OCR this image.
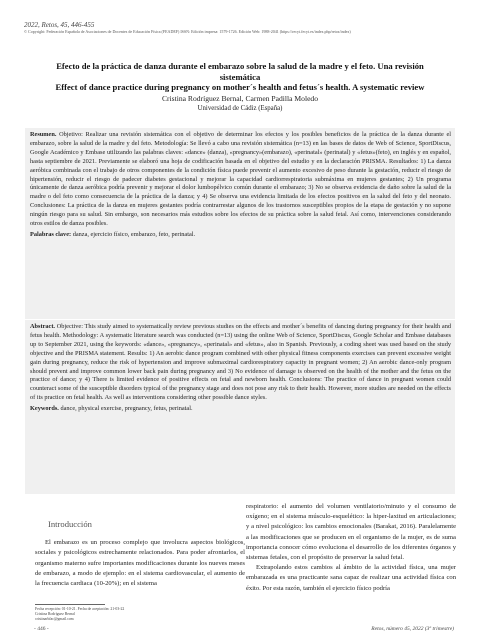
2022, Retos, 45, 446-455
© Copyright: Federación Española de Asociaciones de Docentes de Educación Física (FEADEF) ISSN: Edición impresa: 1579-1726. Edición Web: 1988-2041 (https://recyt.fecyt.es/index.php/retos/index)
Efecto de la práctica de danza durante el embarazo sobre la salud de la madre y el feto. Una revisión sistemática
Effect of dance practice during pregnancy on mother´s health and fetus´s health. A systematic review
Cristina Rodríguez Bernal, Carmen Padilla Moledo
Universidad de Cádiz (España)

Resumen. Objetivo: Realizar una revisión sistemática con el objetivo de determinar los efectos y los posibles beneficios de la práctica de la danza durante el embarazo, sobre la salud de la madre y del feto. Metodología: Se llevó a cabo una revisión sistemática (n=13) en las bases de datos de Web of Science, SportDiscus, Google Académico y Embase utilizando las palabras claves: «dance» (danza), «pregnancy»(embarazo), «perinatal» (perinatal) y «fetus»(feto), en inglés y en español, hasta septiembre de 2021. Previamente se elaboró una hoja de codificación basada en el objetivo del estudio y en la declaración PRISMA. Resultados: 1) La danza aeróbica combinada con el trabajo de otros componentes de la condición física puede prevenir el aumento excesivo de peso durante la gestación, reducir el riesgo de hipertensión, reducir el riesgo de padecer diabetes gestacional y mejorar la capacidad cardiorrespiratoria submáxima en mujeres gestantes; 2) Un programa únicamente de danza aeróbica podría prevenir y mejorar el dolor lumbopélvico común durante el embarazo; 3) No se observa evidencia de daño sobre la salud de la madre o del feto como consecuencia de la práctica de la danza; y 4) Se observa una evidencia limitada de los efectos positivos en la salud del feto y del neonato. Conclusiones: La práctica de la danza en mujeres gestantes podría contrarrestar algunos de los trastornos susceptibles propios de la etapa de gestación y no supone ningún riesgo para su salud. Sin embargo, son necesarios más estudios sobre los efectos de su práctica sobre la salud fetal. Así como, intervenciones considerando otros estilos de danza posibles.

Palabras clave: danza, ejercicio físico, embarazo, feto, perinatal.

Abstract. Objective: This study aimed to systematically review previous studies on the effects and mother´s benefits of dancing during pregnancy for their health and fetus health. Methodology: A systematic literature search was conducted (n=13) using the online Web of Science, SportDiscus, Google Scholar and Embase databases up to September 2021, using the keywords: «dance», «pregnancy», «perinatal» and «fetus», also in Spanish. Previously, a coding sheet was used based on the study objective and the PRISMA statement. Results: 1) An aerobic dance program combined with other physical fitness components exercises can prevent excessive weight gain during pregnancy, reduce the risk of hypertension and improve submaximal cardiorespiratory capacity in pregnant women; 2) An aerobic dance-only program should prevent and improve common lower back pain during pregnancy and 3) No evidence of damage is observed on the health of the mother and the fetus on the practice of dance; y 4) There is limited evidence of positive effects on fetal and newborn health. Conclusions: The practice of dance in pregnant women could counteract some of the susceptible disorders typical of the pregnancy stage and does not pose any risk to their health. However, more studies are needed on the effects of its practice on fetal health. As well as interventions considering other possible dance styles.

Keywords. dance, physical exercise, pregnancy, fetus, perinatal.

Introducción

El embarazo es un proceso complejo que involucra aspectos biológicos, sociales y psicológicos estrechamente relacionados. Para poder afrontarlos, el organismo materno sufre importantes modificaciones durante los nueves meses de embarazo, a modo de ejemplo: en el sistema cardiovascular, el aumento de la frecuencia cardiaca (10-20%); en el sistema

respiratorio: el aumento del volumen ventilatorio/minuto y el consumo de oxígeno; en el sistema músculo-esquelético: la hiper-laxitud en articulaciones; y a nivel psicológico: los cambios emocionales (Barakat, 2016). Paralelamente a las modificaciones que se producen en el organismo de la mujer, es de suma importancia conocer cómo evoluciona el desarrollo de los diferentes órganos y sistemas fetales, con el propósito de preservar la salud fetal.

Extrapolando estos cambios al ámbito de la actividad física, una mujer embarazada es una practicante sana capaz de realizar una actividad física con éxito. Por esta razón, también el ejercicio físico podría

Fecha recepción: 01-10-21. Fecha de aceptación: 21-03-22
Cristina Rodríguez Bernal
cristinarbfac@gmail.com
- 446 -	Retos, número 45, 2022 (3º trimestre)
